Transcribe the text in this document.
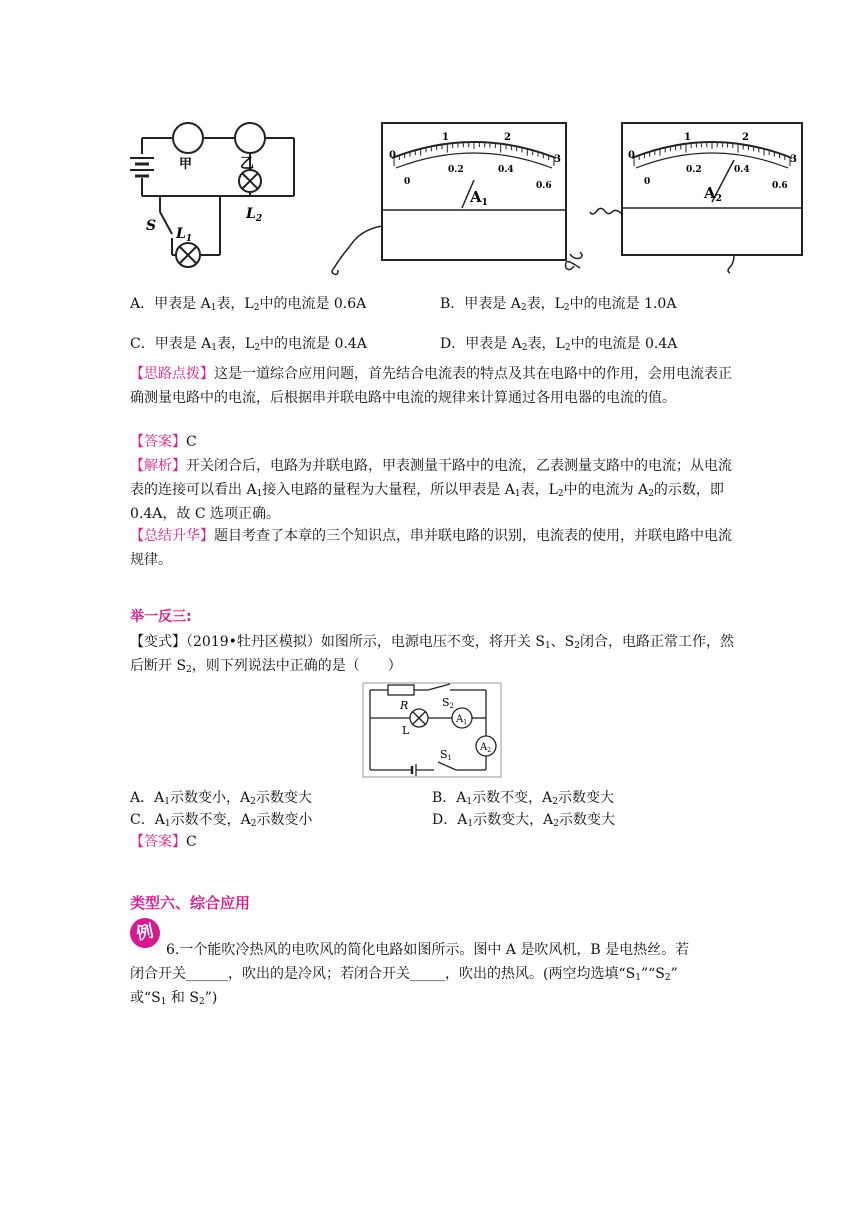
甲	乙
S $L_1$
$L_2$
0
1	2
3
0
0.2	0.4
0.6
$A_1$
0
1	2
3
0
0.2	0.4
0.6
$A_2$
A．甲表是 $A_1$表，$L_2$中的电流是 0.6A	B．甲表是 $A_2$表，$L_2$中的电流是 1.0A
C．甲表是 $A_1$表，$L_2$中的电流是 0.4A	D．甲表是 $A_2$表，$L_2$中的电流是 0.4A
【思路点拨】这是一道综合应用问题，首先结合电流表的特点及其在电路中的作用，会用电流表正确测量电路中的电流，后根据串并联电路中电流的规律来计算通过各用电器的电流的值。
【答案】C
【解析】开关闭合后，电路为并联电路，甲表测量干路中的电流，乙表测量支路中的电流；从电流表的连接可以看出 $A_1$接入电路的量程为大量程，所以甲表是 $A_1$表，$L_2$中的电流为 $A_2$的示数，即 0.4A，故 C 选项正确。
【总结升华】题目考查了本章的三个知识点，串并联电路的识别，电流表的使用，并联电路中电流规律。
举一反三:
【变式】（2019•牡丹区模拟）如图所示，电源电压不变，将开关 $S_1$、$S_2$闭合，电路正常工作，然后断开 $S_2$，则下列说法中正确的是（　　）
R
L
S2
$A_1$
$A_2$
S1
A．$A_1$示数变小，$A_2$示数变大	B．$A_1$示数不变，$A_2$示数变大
C．$A_1$示数不变，$A_2$示数变小	D．$A_1$示数变大，$A_2$示数变大
【答案】C
类型六、综合应用
例
6.一个能吹冷热风的电吹风的简化电路如图所示。图中 A 是吹风机，B 是电热丝。若
闭合开关______，吹出的是冷风；若闭合开关_____，吹出的热风。(两空均选填“$S_1”“S_2$”
或“$S_1$ 和 $S_2$”)
